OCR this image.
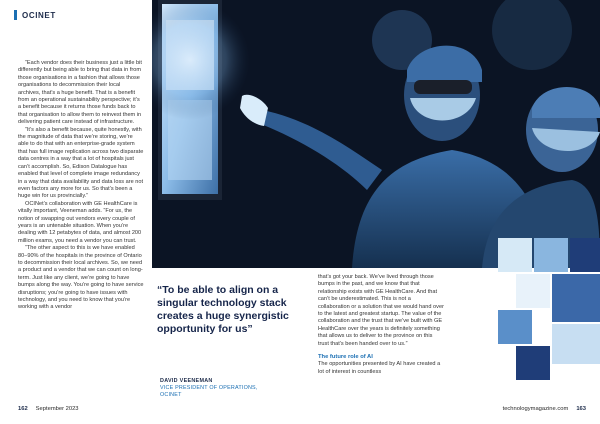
OCINET

“Each vendor does their business just a little bit differently but being able to bring that data in from those organisations in a fashion that allows those organisations to decommission their local archives, that’s a huge benefit. That is a benefit from an operational sustainability perspective; it’s a benefit because it returns those funds back to that organisation to allow them to reinvest them in delivering patient care instead of infrastructure.

“It’s also a benefit because, quite honestly, with the magnitude of data that we’re storing, we’re able to do that with an enterprise-grade system that has full image replication across two disparate data centres in a way that a lot of hospitals just can’t accomplish. So, Edison Datalogue has enabled that level of complete image redundancy in a way that data availability and data loss are not even factors any more for us. So that’s been a huge win for us provincially.”

OCINet’s collaboration with GE HealthCare is vitally important, Veeneman adds. “For us, the notion of swapping out vendors every couple of years is an untenable situation. When you’re dealing with 12 petabytes of data, and almost 200 million exams, you need a vendor you can trust.

“The other aspect to this is we have enabled 80–90% of the hospitals in the province of Ontario to decommission their local archives. So, we need a product and a vendor that we can count on long-term. Just like any client, we’re going to have bumps along the way. You’re going to have service disruptions; you’re going to have issues with technology, and you need to know that you’re working with a vendor

“To be able to align on a singular technology stack creates a huge synergistic opportunity for us”
DAVID VEENEMAN
VICE PRESIDENT OF OPERATIONS,
OCINET

that’s got your back. We’ve lived through those bumps in the past, and we know that that relationship exists with GE HealthCare. And that can’t be underestimated. This is not a collaboration or a solution that we would hand over to the latest and greatest startup. The value of the collaboration and the trust that we’ve built with GE HealthCare over the years is definitely something that allows us to deliver to the province on this trust that’s been handed over to us.”

The future role of AI

The opportunities presented by AI have created a lot of interest in countless

162 September 2023	technologymagazine.com 163
